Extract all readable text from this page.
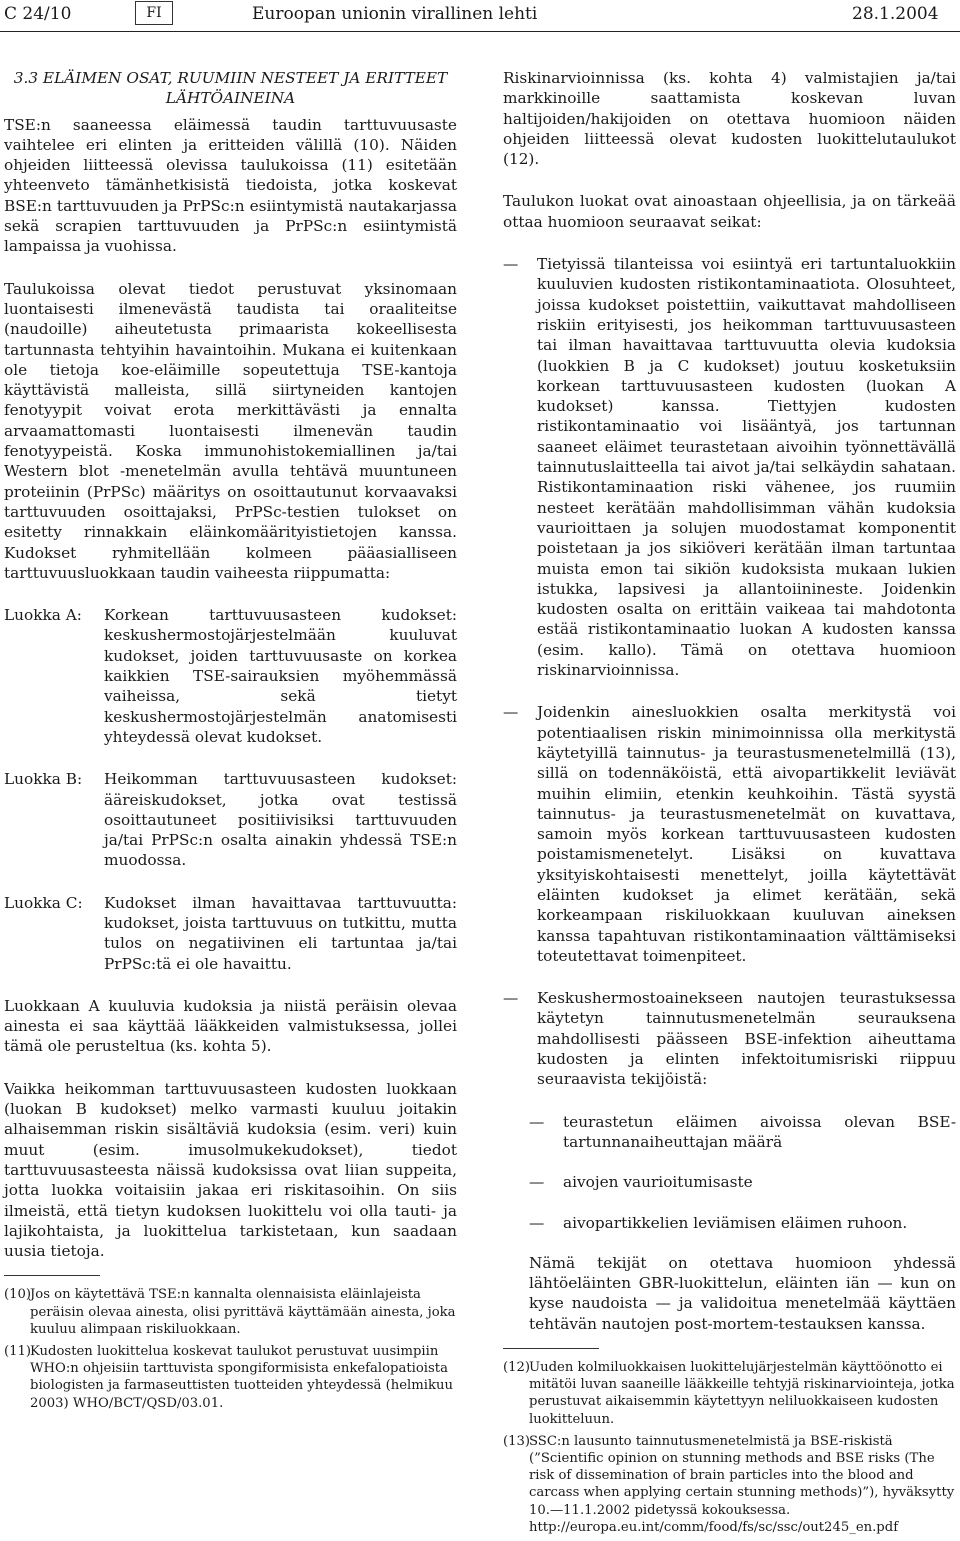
C 24/10	FI	Euroopan unionin virallinen lehti	28.1.2004
3.3 ELÄIMEN OSAT, RUUMIIN NESTEET JA ERITTEET
LÄHTÖAINEINA

TSE:n saaneessa eläimessä taudin tarttuvuusaste vaihtelee eri elinten ja eritteiden välillä (10). Näiden ohjeiden liitteessä olevissa taulukoissa (11) esitetään yhteenveto tämänhetkisistä tiedoista, jotka koskevat BSE:n tarttuvuuden ja PrPSc:n esiintymistä nautakarjassa sekä scrapien tarttuvuuden ja PrPSc:n esiintymistä lampaissa ja vuohissa.

Taulukoissa olevat tiedot perustuvat yksinomaan luontaisesti ilmenevästä taudista tai oraaliteitse (naudoille) aiheutetusta primaarista kokeellisesta tartunnasta tehtyihin havaintoihin. Mukana ei kuitenkaan ole tietoja koe-eläimille sopeutettuja TSE-kantoja käyttävistä malleista, sillä siirtyneiden kantojen fenotyypit voivat erota merkittävästi ja ennalta arvaamattomasti luontaisesti ilmenevän taudin fenotyypeistä. Koska immunohistokemiallinen ja/tai Western blot -menetelmän avulla tehtävä muuntuneen proteiinin (PrPSc) määritys on osoittautunut korvaavaksi tarttuvuuden osoittajaksi, PrPSc-testien tulokset on esitetty rinnakkain eläinkomäärityistietojen kanssa. Kudokset ryhmitellään kolmeen pääasialliseen tarttuvuusluokkaan taudin vaiheesta riippumatta:

Luokka A:	Korkean tarttuvuusasteen kudokset: keskushermostojärjestelmään kuuluvat kudokset, joiden tarttuvuusaste on korkea kaikkien TSE-sairauksien myöhemmässä vaiheissa, sekä tietyt keskushermostojärjestelmän anatomisesti yhteydessä olevat kudokset.
Luokka B:	Heikomman tarttuvuusasteen kudokset: ääreiskudokset, jotka ovat testissä osoittautuneet positiivisiksi tarttuvuuden ja/tai PrPSc:n osalta ainakin yhdessä TSE:n muodossa.
Luokka C:	Kudokset ilman havaittavaa tarttuvuutta: kudokset, joista tarttuvuus on tutkittu, mutta tulos on negatiivinen eli tartuntaa ja/tai PrPSc:tä ei ole havaittu.

Luokkaan A kuuluvia kudoksia ja niistä peräisin olevaa ainesta ei saa käyttää lääkkeiden valmistuksessa, jollei tämä ole perusteltua (ks. kohta 5).

Vaikka heikomman tarttuvuusasteen kudosten luokkaan (luokan B kudokset) melko varmasti kuuluu joitakin alhaisemman riskin sisältäviä kudoksia (esim. veri) kuin muut (esim. imusolmukekudokset), tiedot tarttuvuusasteesta näissä kudoksissa ovat liian suppeita, jotta luokka voitaisiin jakaa eri riskitasoihin. On siis ilmeistä, että tietyn kudoksen luokittelu voi olla tauti- ja lajikohtaista, ja luokittelua tarkistetaan, kun saadaan uusia tietoja.

(10)
Jos on käytettävä TSE:n kannalta olennaisista eläinlajeista peräisin olevaa ainesta, olisi pyrittävä käyttämään ainesta, joka kuuluu alimpaan riskiluokkaan.
(11)
Kudosten luokittelua koskevat taulukot perustuvat uusimpiin WHO:n ohjeisiin tarttuvista spongiformisista enkefalopatioista biologisten ja farmaseuttisten tuotteiden yhteydessä (helmikuu 2003) WHO/BCT/QSD/03.01.

Riskinarvioinnissa (ks. kohta 4) valmistajien ja/tai markkinoille saattamista koskevan luvan haltijoiden/hakijoiden on otettava huomioon näiden ohjeiden liitteessä olevat kudosten luokittelutaulukot (12).

Taulukon luokat ovat ainoastaan ohjeellisia, ja on tärkeää ottaa huomioon seuraavat seikat:

—	Tietyissä tilanteissa voi esiintyä eri tartuntaluokkiin kuuluvien kudosten ristikontaminaatiota. Olosuhteet, joissa kudokset poistettiin, vaikuttavat mahdolliseen riskiin erityisesti, jos heikomman tarttuvuusasteen tai ilman havaittavaa tarttuvuutta olevia kudoksia (luokkien B ja C kudokset) joutuu kosketuksiin korkean tarttuvuusasteen kudosten (luokan A kudokset) kanssa. Tiettyjen kudosten ristikontaminaatio voi lisääntyä, jos tartunnan saaneet eläimet teurastetaan aivoihin työnnettävällä tainnutuslaitteella tai aivot ja/tai selkäydin sahataan. Ristikontaminaation riski vähenee, jos ruumiin nesteet kerätään mahdollisimman vähän kudoksia vaurioittaen ja solujen muodostamat komponentit poistetaan ja jos sikiöveri kerätään ilman tartuntaa muista emon tai sikiön kudoksista mukaan lukien istukka, lapsivesi ja allantoiinineste. Joidenkin kudosten osalta on erittäin vaikeaa tai mahdotonta estää ristikontaminaatio luokan A kudosten kanssa (esim. kallo). Tämä on otettava huomioon riskinarvioinnissa.
—	Joidenkin ainesluokkien osalta merkitystä voi potentiaalisen riskin minimoinnissa olla merkitystä käytetyillä tainnutus- ja teurastusmenetelmillä (13), sillä on todennäköistä, että aivopartikkelit leviävät muihin elimiin, etenkin keuhkoihin. Tästä syystä tainnutus- ja teurastusmenetelmät on kuvattava, samoin myös korkean tarttuvuusasteen kudosten poistamismenetelyt. Lisäksi on kuvattava yksityiskohtaisesti menettelyt, joilla käytettävät eläinten kudokset ja elimet kerätään, sekä korkeampaan riskiluokkaan kuuluvan aineksen kanssa tapahtuvan ristikontaminaation välttämiseksi toteutettavat toimenpiteet.
—	Keskushermostoainekseen nautojen teurastuksessa käytetyn tainnutusmenetelmän seurauksena mahdollisesti päässeen BSE-infektion aiheuttama kudosten ja elinten infektoitumisriski riippuu seuraavista tekijöistä:
—	teurastetun eläimen aivoissa olevan BSE-tartunnanaiheuttajan määrä
—	aivojen vaurioitumisaste
—	aivopartikkelien leviämisen eläimen ruhoon.

Nämä tekijät on otettava huomioon yhdessä lähtöeläinten GBR-luokittelun, eläinten iän — kun on kyse naudoista — ja validoitua menetelmää käyttäen tehtävän nautojen post-mortem-testauksen kanssa.

(12)
Uuden kolmiluokkaisen luokittelujärjestelmän käyttöönotto ei mitätöi luvan saaneille lääkkeille tehtyjä riskinarviointeja, jotka perustuvat aikaisemmin käytettyyn neliluokkaiseen kudosten luokitteluun.
(13)

SSC:n lausunto tainnutusmenetelmistä ja BSE-riskistä (”Scientific opinion on stunning methods and BSE risks (The risk of dissemination of brain particles into the blood and carcass when applying certain stunning methods)”), hyväksytty 10.—11.1.2002 pidetyssä kokouksessa.

http://europa.eu.int/comm/food/fs/sc/ssc/out245_en.pdf
